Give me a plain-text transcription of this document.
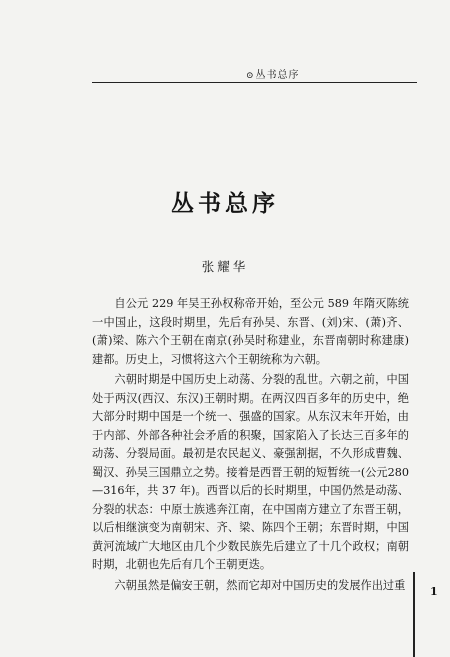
⊙丛书总序
丛书总序
张耀华

自公元 229 年吴王孙权称帝开始，至公元 589 年隋灭陈统一中国止，这段时期里，先后有孙吴、东晋、(刘)宋、(萧)齐、(萧)梁、陈六个王朝在南京(孙吴时称建业，东晋南朝时称建康)建都。历史上，习惯将这六个王朝统称为六朝。

六朝时期是中国历史上动荡、分裂的乱世。六朝之前，中国处于两汉(西汉、东汉)王朝时期。在两汉四百多年的历史中，绝大部分时期中国是一个统一、强盛的国家。从东汉末年开始，由于内部、外部各种社会矛盾的积聚，国家陷入了长达三百多年的动荡、分裂局面。最初是农民起义、豪强割据，不久形成曹魏、蜀汉、孙吴三国鼎立之势。接着是西晋王朝的短暂统一(公元280—316年，共 37 年)。西晋以后的长时期里，中国仍然是动荡、分裂的状态：中原士族逃奔江南，在中国南方建立了东晋王朝，以后相继演变为南朝宋、齐、梁、陈四个王朝；东晋时期，中国黄河流域广大地区由几个少数民族先后建立了十几个政权；南朝时期，北朝也先后有几个王朝更迭。

六朝虽然是偏安王朝，然而它却对中国历史的发展作出过重	1
